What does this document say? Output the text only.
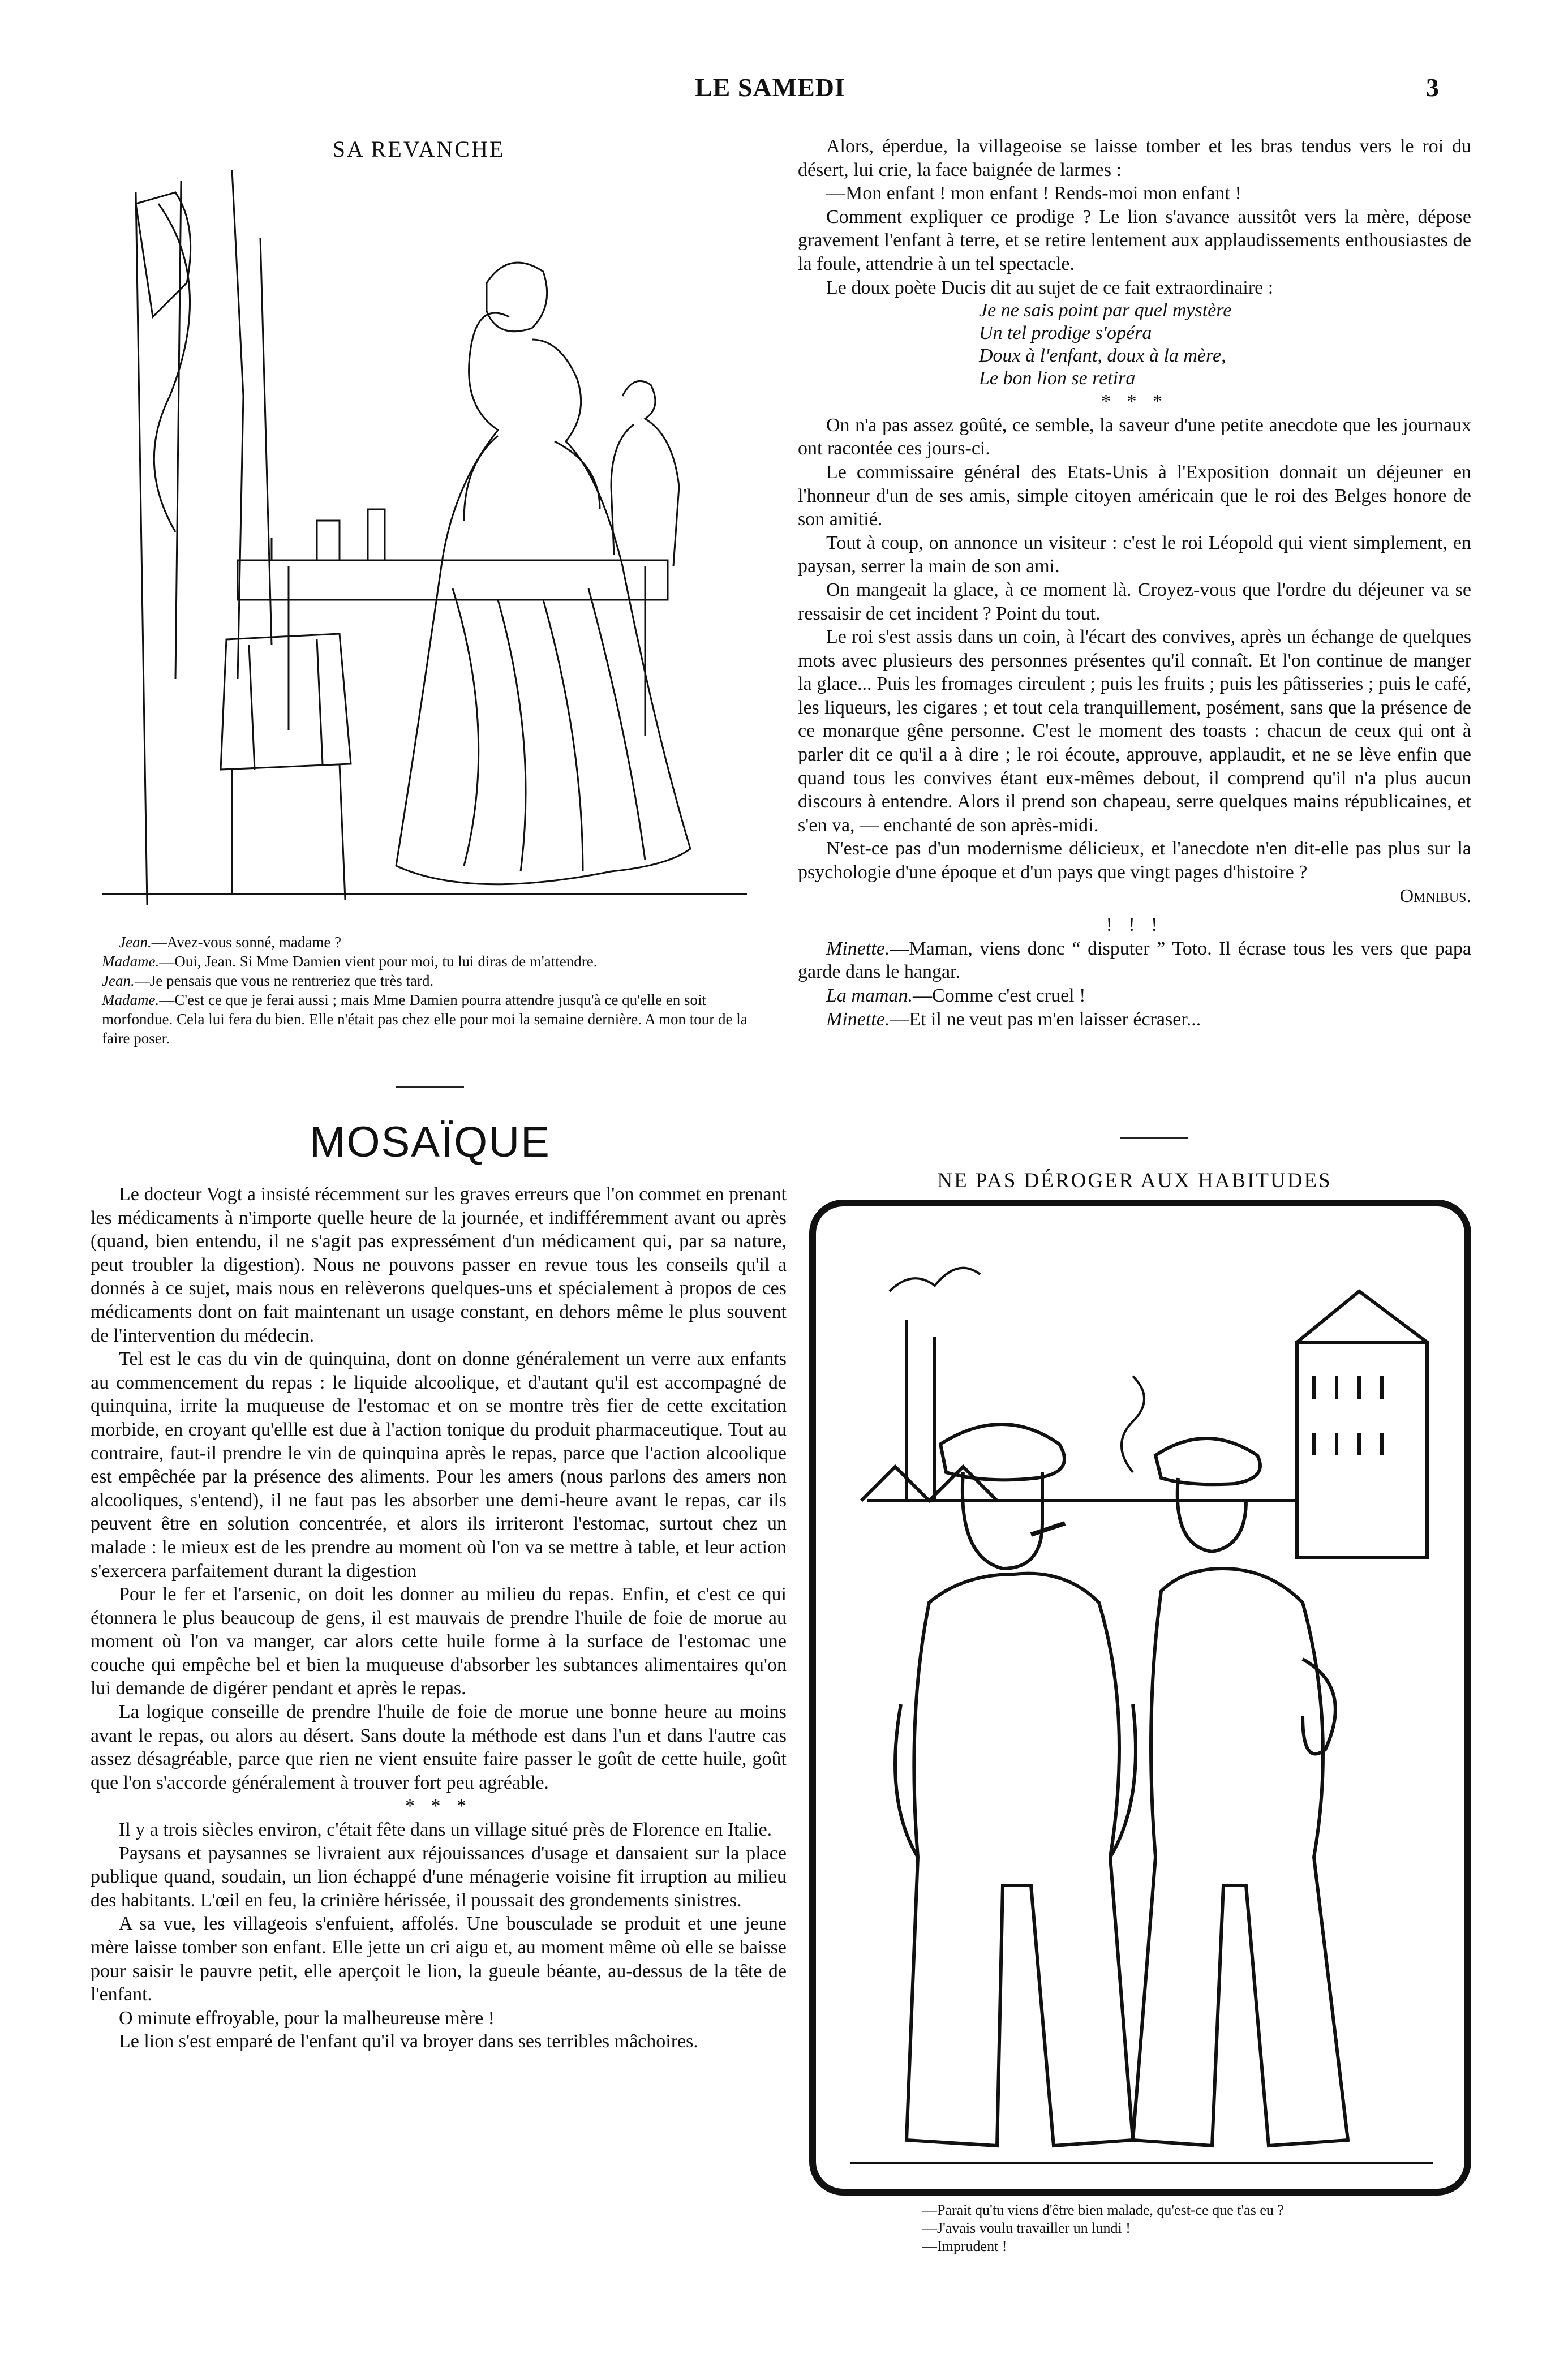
LE SAMEDI	3
SA REVANCHE

Jean.—Avez-vous sonné, madame ?

Madame.—Oui, Jean. Si Mme Damien vient pour moi, tu lui diras de m'attendre.

Jean.—Je pensais que vous ne rentreriez que très tard.

Madame.—C'est ce que je ferai aussi ; mais Mme Damien pourra attendre jusqu'à ce qu'elle en soit morfondue. Cela lui fera du bien. Elle n'était pas chez elle pour moi la semaine dernière. A mon tour de la faire poser.

MOSAÏQUE

Le docteur Vogt a insisté récemment sur les graves erreurs que l'on commet en prenant les médicaments à n'importe quelle heure de la journée, et indifféremment avant ou après (quand, bien entendu, il ne s'agit pas expressément d'un médicament qui, par sa nature, peut troubler la digestion). Nous ne pouvons passer en revue tous les conseils qu'il a donnés à ce sujet, mais nous en relèverons quelques-uns et spécialement à propos de ces médicaments dont on fait maintenant un usage constant, en dehors même le plus souvent de l'intervention du médecin.

Tel est le cas du vin de quinquina, dont on donne généralement un verre aux enfants au commencement du repas : le liquide alcoolique, et d'autant qu'il est accompagné de quinquina, irrite la muqueuse de l'estomac et on se montre très fier de cette excitation morbide, en croyant qu'ellle est due à l'action tonique du produit pharmaceutique. Tout au contraire, faut-il prendre le vin de quinquina après le repas, parce que l'action alcoolique est empêchée par la présence des aliments. Pour les amers (nous parlons des amers non alcooliques, s'entend), il ne faut pas les absorber une demi-heure avant le repas, car ils peuvent être en solution concentrée, et alors ils irriteront l'estomac, surtout chez un malade : le mieux est de les prendre au moment où l'on va se mettre à table, et leur action s'exercera parfaitement durant la digestion

Pour le fer et l'arsenic, on doit les donner au milieu du repas. Enfin, et c'est ce qui étonnera le plus beaucoup de gens, il est mauvais de prendre l'huile de foie de morue au moment où l'on va manger, car alors cette huile forme à la surface de l'estomac une couche qui empêche bel et bien la muqueuse d'absorber les subtances alimentaires qu'on lui demande de digérer pendant et après le repas.

La logique conseille de prendre l'huile de foie de morue une bonne heure au moins avant le repas, ou alors au désert. Sans doute la méthode est dans l'un et dans l'autre cas assez désagréable, parce que rien ne vient ensuite faire passer le goût de cette huile, goût que l'on s'accorde généralement à trouver fort peu agréable.

* * *

Il y a trois siècles environ, c'était fête dans un village situé près de Florence en Italie.

Paysans et paysannes se livraient aux réjouissances d'usage et dansaient sur la place publique quand, soudain, un lion échappé d'une ménagerie voisine fit irruption au milieu des habitants. L'œil en feu, la crinière hérissée, il poussait des grondements sinistres.

A sa vue, les villageois s'enfuient, affolés. Une bousculade se produit et une jeune mère laisse tomber son enfant. Elle jette un cri aigu et, au moment même où elle se baisse pour saisir le pauvre petit, elle aperçoit le lion, la gueule béante, au-dessus de la tête de l'enfant.

O minute effroyable, pour la malheureuse mère !

Le lion s'est emparé de l'enfant qu'il va broyer dans ses terribles mâchoires.

Alors, éperdue, la villageoise se laisse tomber et les bras tendus vers le roi du désert, lui crie, la face baignée de larmes :

—Mon enfant ! mon enfant ! Rends-moi mon enfant !

Comment expliquer ce prodige ? Le lion s'avance aussitôt vers la mère, dépose gravement l'enfant à terre, et se retire lentement aux applaudissements enthousiastes de la foule, attendrie à un tel spectacle.

Le doux poète Ducis dit au sujet de ce fait extraordinaire :

Je ne sais point par quel mystère
Un tel prodige s'opéra
Doux à l'enfant, doux à la mère,
Le bon lion se retira
* * *

On n'a pas assez goûté, ce semble, la saveur d'une petite anecdote que les journaux ont racontée ces jours-ci.

Le commissaire général des Etats-Unis à l'Exposition donnait un déjeuner en l'honneur d'un de ses amis, simple citoyen américain que le roi des Belges honore de son amitié.

Tout à coup, on annonce un visiteur : c'est le roi Léopold qui vient simplement, en paysan, serrer la main de son ami.

On mangeait la glace, à ce moment là. Croyez-vous que l'ordre du déjeuner va se ressaisir de cet incident ? Point du tout.

Le roi s'est assis dans un coin, à l'écart des convives, après un échange de quelques mots avec plusieurs des personnes présentes qu'il connaît. Et l'on continue de manger la glace... Puis les fromages circulent ; puis les fruits ; puis les pâtisseries ; puis le café, les liqueurs, les cigares ; et tout cela tranquillement, posément, sans que la présence de ce monarque gêne personne. C'est le moment des toasts : chacun de ceux qui ont à parler dit ce qu'il a à dire ; le roi écoute, approuve, applaudit, et ne se lève enfin que quand tous les convives étant eux-mêmes debout, il comprend qu'il n'a plus aucun discours à entendre. Alors il prend son chapeau, serre quelques mains républicaines, et s'en va, — enchanté de son après-midi.

N'est-ce pas d'un modernisme délicieux, et l'anecdote n'en dit-elle pas plus sur la psychologie d'une époque et d'un pays que vingt pages d'histoire ?

Omnibus.
! ! !

Minette.—Maman, viens donc “ disputer ” Toto. Il écrase tous les vers que papa garde dans le hangar.

La maman.—Comme c'est cruel !

Minette.—Et il ne veut pas m'en laisser écraser...

NE PAS DÉROGER AUX HABITUDES
—Parait qu'tu viens d'être bien malade, qu'est-ce que t'as eu ?
—J'avais voulu travailler un lundi !
—Imprudent !
